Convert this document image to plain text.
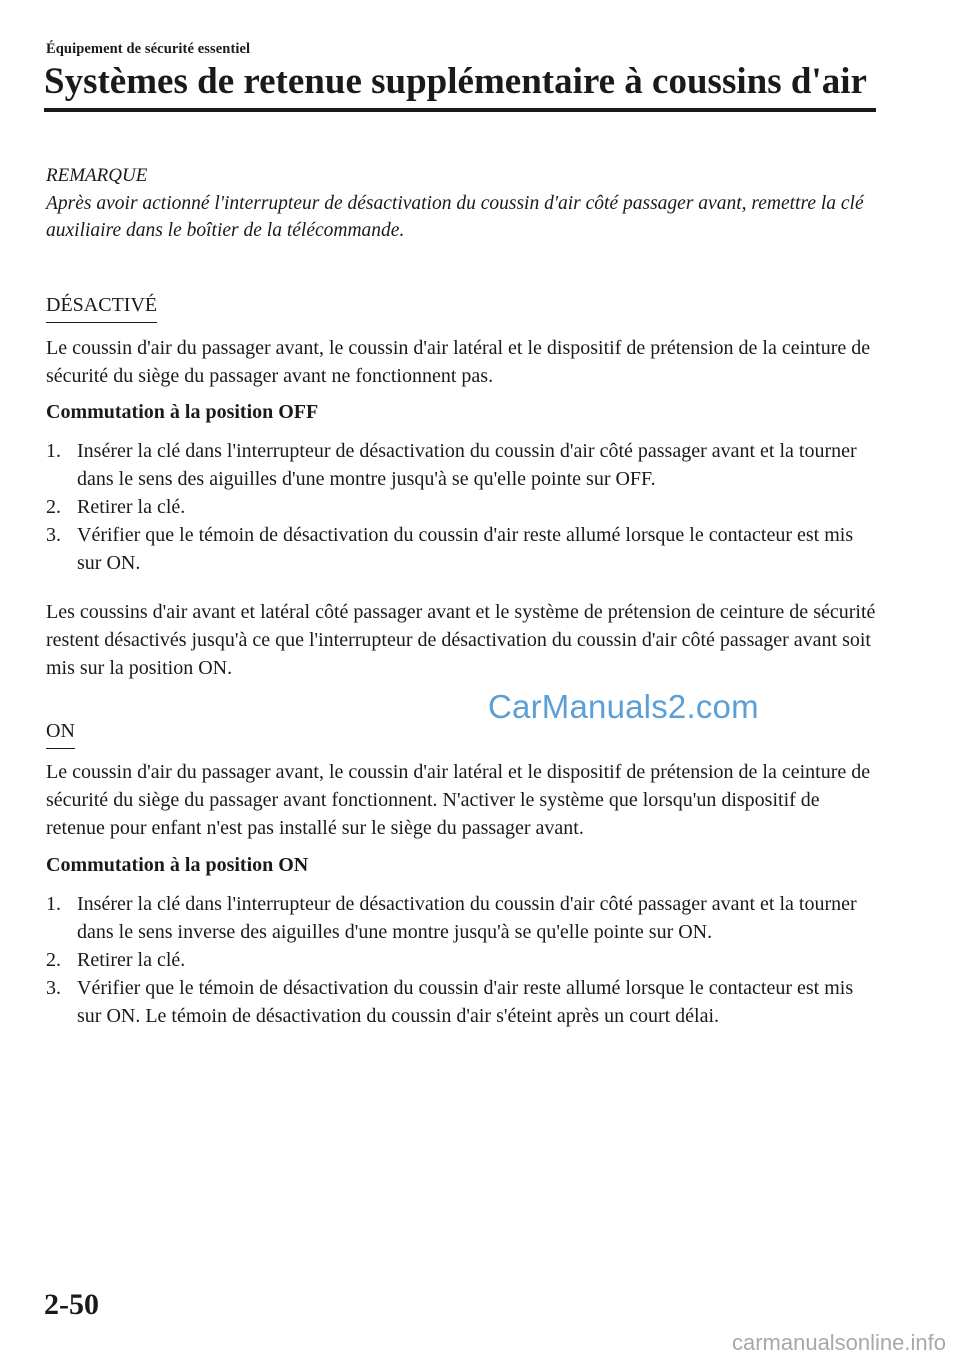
Équipement de sécurité essentiel
Systèmes de retenue supplémentaire à coussins d'air
REMARQUE

Après avoir actionné l'interrupteur de désactivation du coussin d'air côté passager avant, remettre la clé auxiliaire dans le boîtier de la télécommande.

DÉSACTIVÉ

Le coussin d'air du passager avant, le coussin d'air latéral et le dispositif de prétension de la ceinture de sécurité du siège du passager avant ne fonctionnent pas.

Commutation à la position OFF

1. Insérer la clé dans l'interrupteur de désactivation du coussin d'air côté passager avant et la tourner dans le sens des aiguilles d'une montre jusqu'à se qu'elle pointe sur OFF.
2. Retirer la clé.
3. Vérifier que le témoin de désactivation du coussin d'air reste allumé lorsque le contacteur est mis sur ON.

Les coussins d'air avant et latéral côté passager avant et le système de prétension de ceinture de sécurité restent désactivés jusqu'à ce que l'interrupteur de désactivation du coussin d'air côté passager avant soit mis sur la position ON.

CarManuals2.com
ON

Le coussin d'air du passager avant, le coussin d'air latéral et le dispositif de prétension de la ceinture de sécurité du siège du passager avant fonctionnent. N'activer le système que lorsqu'un dispositif de retenue pour enfant n'est pas installé sur le siège du passager avant.

Commutation à la position ON

1. Insérer la clé dans l'interrupteur de désactivation du coussin d'air côté passager avant et la tourner dans le sens inverse des aiguilles d'une montre jusqu'à se qu'elle pointe sur ON.
2. Retirer la clé.
3. Vérifier que le témoin de désactivation du coussin d'air reste allumé lorsque le contacteur est mis sur ON. Le témoin de désactivation du coussin d'air s'éteint après un court délai.
2-50
carmanualsonline.info
